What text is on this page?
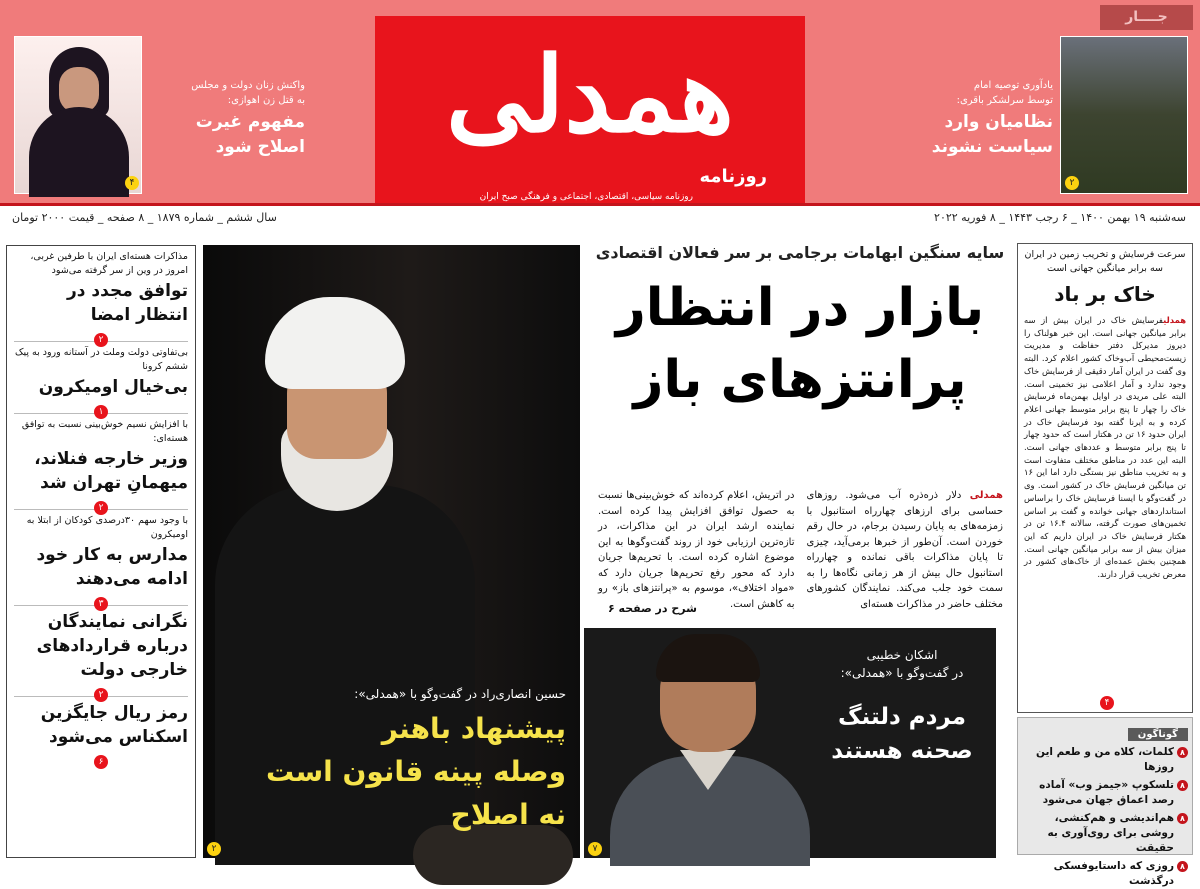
جــــار
۲
یادآوری توصیه امام
توسط سرلشکر باقری:
نظامیان وارد
سیاست نشوند
همدلی
روزنامه
روزنامه سیاسی، اقتصادی، اجتماعی و فرهنگی صبح ایران
واکنش زنان دولت و مجلس
به قتل زن اهوازی:
مفهوم غیرت
اصلاح شود
۴
سه‌شنبه ۱۹ بهمن ۱۴۰۰ _ ۶ رجب ۱۴۴۳ _ ۸ فوریه ۲۰۲۲
سال ششم _ شماره ۱۸۷۹ _ ۸ صفحه _ قیمت ۲۰۰۰ تومان
سرعت فرسایش و تخریب زمین در ایران
سه برابر میانگین جهانی است
خاک بر باد
همدلیفرسایش خاک در ایران بیش از سه برابر میانگین جهانی است. این خبر هولناک را دیروز مدیرکل دفتر حفاظت و مدیریت زیست‌محیطی آب‌وخاک کشور اعلام کرد. البته وی گفت در ایران آمار دقیقی از فرسایش خاک وجود ندارد و آمار اعلامی نیز تخمینی است. البته علی مریدی در اوایل بهمن‌ماه فرسایش خاک را چهار تا پنج برابر متوسط جهانی اعلام کرده و به ایرنا گفته بود فرسایش خاک در ایران حدود ۱۶ تن در هکتار است که حدود چهار تا پنج برابر متوسط و عددهای جهانی است. البته این عدد در مناطق مختلف متفاوت است و به تخریب مناطق نیز بستگی دارد اما این ۱۶ تن میانگین فرسایش خاک در کشور است. وی در گفت‌وگو با ایسنا فرسایش خاک را براساس استانداردهای جهانی خوانده و گفت بر اساس تخمین‌های صورت گرفته، سالانه ۱۶.۴ تن در هکتار فرسایش خاک در ایران داریم که این میزان بیش از سه برابر میانگین جهانی است. همچنین بخش عمده‌ای از خاک‌های کشور در معرض تخریب قرار دارند.
۴
گوناگون
۸
کلمات، کلاه من و طعم این روزها
۸
تلسکوپ «جیمز وب» آماده رصد اعماق جهان می‌شود
۸
هم‌اندیشی و هم‌کنشی، روشی برای روی‌آوری به حقیقت
۸
روزی که داستایوفسکی درگذشت
سایه سنگین ابهامات برجامی بر سر فعالان اقتصادی
بازار در انتظار
پرانتزهای باز
همدلی دلار ذره‌ذره آب می‌شود. روزهای حساسی برای ارزهای چهارراه استانبول با زمزمه‌های به پایان رسیدن برجام، در حال رقم خوردن است. آن‌طور از خبرها برمی‌آید، چیزی تا پایان مذاکرات باقی نمانده و چهارراه استانبول حال بیش از هر زمانی نگاه‌ها را به سمت خود جلب می‌کند. نمایندگان کشورهای مختلف حاضر در مذاکرات هسته‌ای
در اتریش، اعلام کرده‌اند که خوش‌بینی‌ها نسبت به حصول توافق افزایش پیدا کرده است. نماینده ارشد ایران در این مذاکرات، در تازه‌ترین ارزیابی خود از روند گفت‌وگوها به این موضوع اشاره کرده است. با تحریم‌ها جریان دارد که محور رفع تحریم‌ها جریان دارد که «مواد اختلاف»، موسوم به «پرانتزهای باز» رو به کاهش است.
شرح در صفحه ۶
اشکان خطیبی
در گفت‌وگو با «همدلی»:
مردم دلتنگ
صحنه هستند
۷
حسین انصاری‌راد در گفت‌وگو با «همدلی»:
پیشنهاد باهنر
وصله پینه قانون است
نه اصلاح
۲
مذاکرات هسته‌ای ایران با طرفین غربی، امروز در وین از سر گرفته می‌شود
توافق مجدد در انتظار امضا
۲
بی‌تفاوتی دولت وملت در آستانه ورود به پیک ششم کرونا
بی‌خیال اومیکرون
۱
با افزایش نسیم خوش‌بینی نسبت به توافق هسته‌ای:
وزیر خارجه فنلاند، میهمانِ تهران شد
۲
با وجود سهم ۳۰درصدی کودکان از ابتلا به اومیکرون
مدارس به کار خود ادامه می‌دهند
۳
نگرانی نمایندگان درباره قراردادهای خارجی دولت
۲
رمز ریال جایگزین اسکناس می‌شود
۶
